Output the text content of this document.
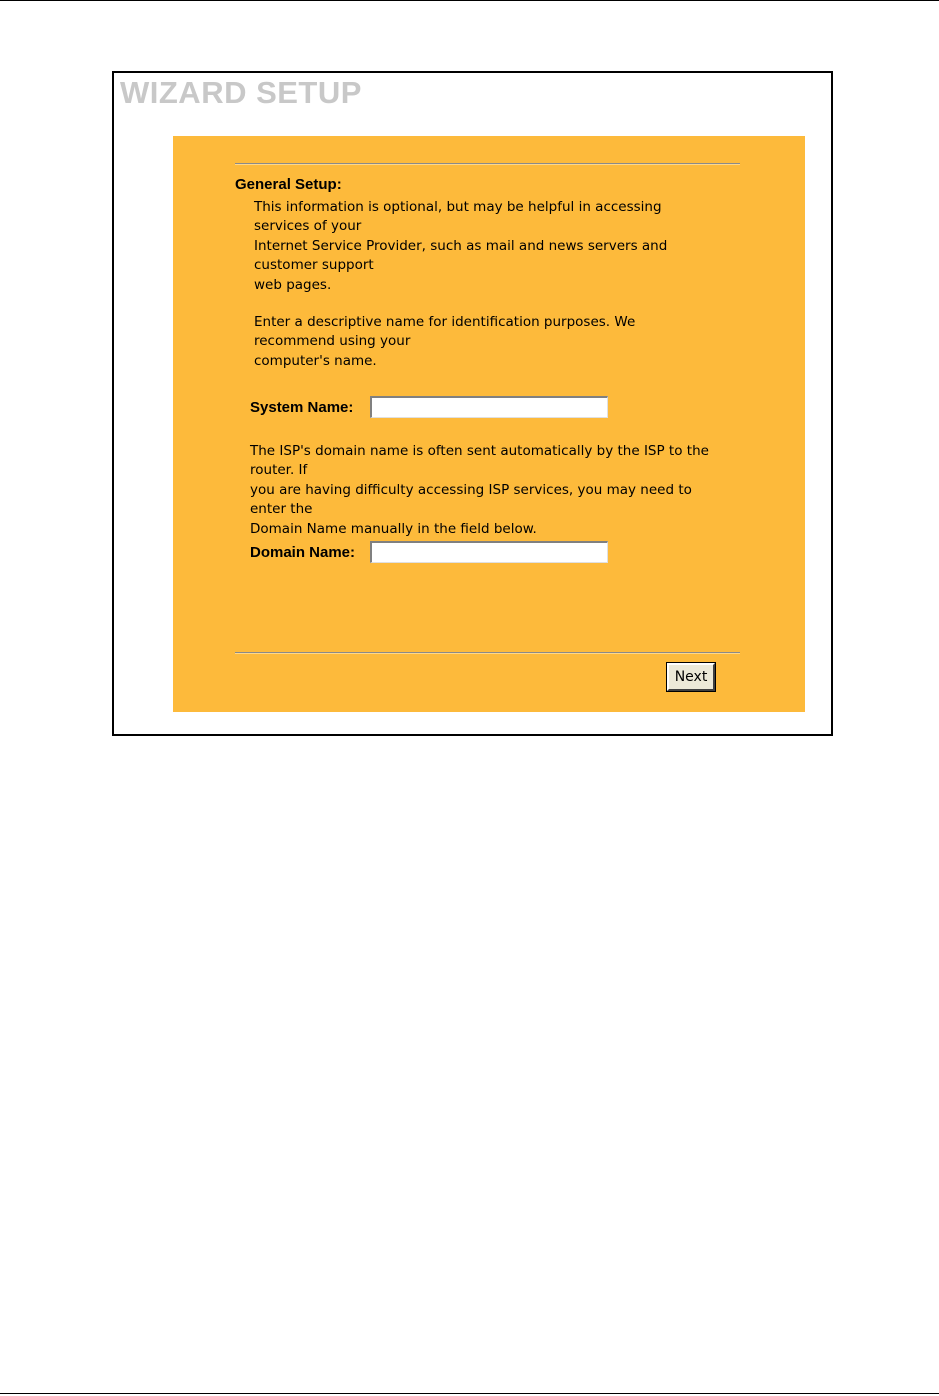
WIZARD SETUP
General Setup:
This information is optional, but may be helpful in accessing
services of your
Internet Service Provider, such as mail and news servers and
customer support
web pages.
Enter a descriptive name for identification purposes. We
recommend using your
computer's name.
System Name:
The ISP's domain name is often sent automatically by the ISP to the
router. If
you are having difficulty accessing ISP services, you may need to
enter the
Domain Name manually in the field below.
Domain Name:
Next
